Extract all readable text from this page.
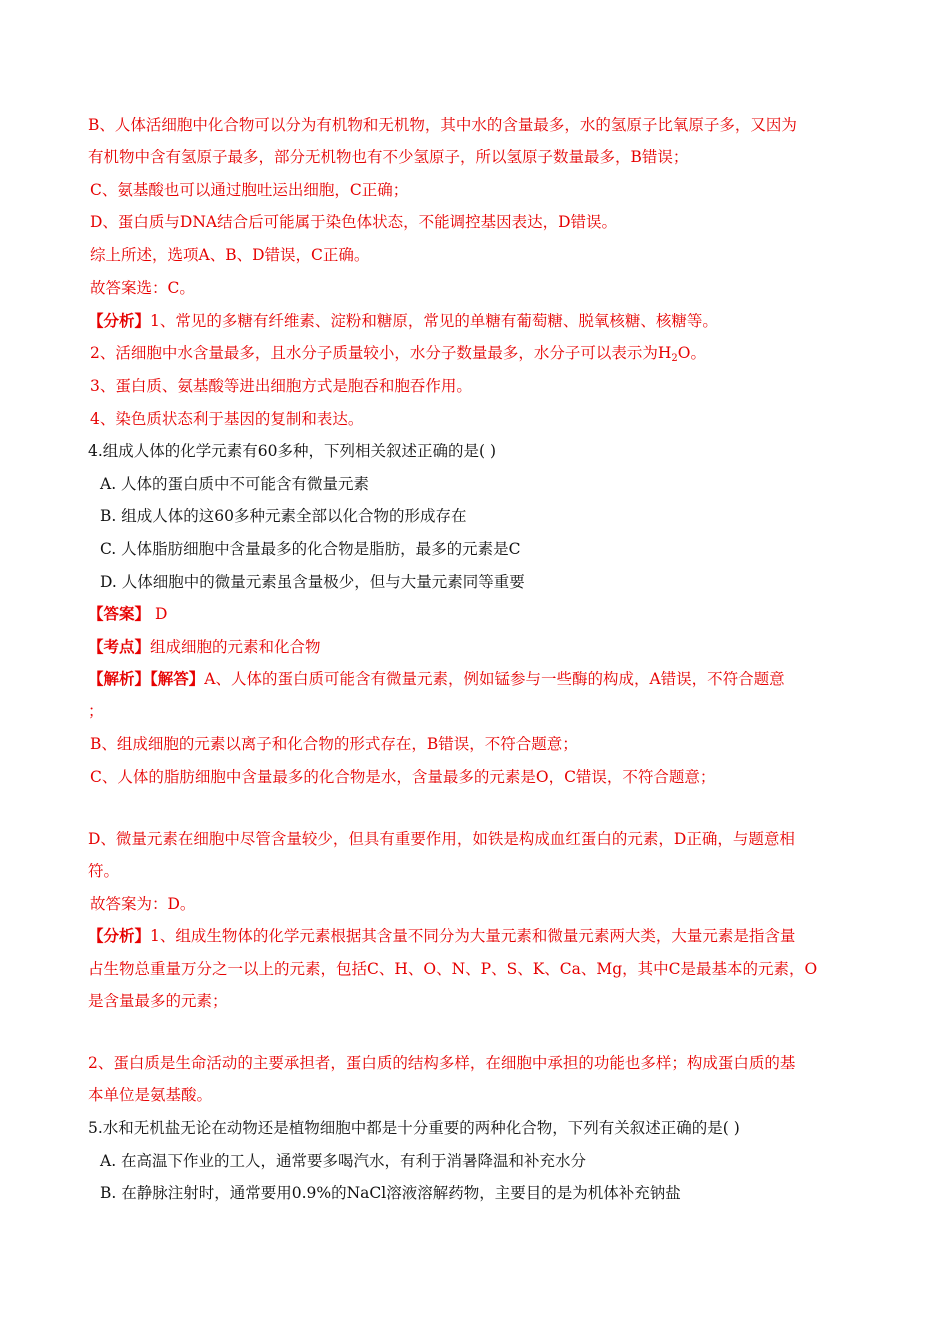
B、人体活细胞中化合物可以分为有机物和无机物，其中水的含量最多，水的氢原子比氧原子多，又因为
有机物中含有氢原子最多，部分无机物也有不少氢原子，所以氢原子数量最多，B错误；
C、氨基酸也可以通过胞吐运出细胞，C正确；
D、蛋白质与DNA结合后可能属于染色体状态，不能调控基因表达，D错误。
综上所述，选项A、B、D错误，C正确。
故答案选：C。
【分析】1、常见的多糖有纤维素、淀粉和糖原，常见的单糖有葡萄糖、脱氧核糖、核糖等。
2、活细胞中水含量最多，且水分子质量较小，水分子数量最多，水分子可以表示为$H_2O$。
3、蛋白质、氨基酸等进出细胞方式是胞吞和胞吞作用。
4、染色质状态利于基因的复制和表达。
4.组成人体的化学元素有60多种，下列相关叙述正确的是( )
A. 人体的蛋白质中不可能含有微量元素
B. 组成人体的这60多种元素全部以化合物的形成存在
C. 人体脂肪细胞中含量最多的化合物是脂肪，最多的元素是C
D. 人体细胞中的微量元素虽含量极少，但与大量元素同等重要
【答案】 D
【考点】组成细胞的元素和化合物
【解析】【解答】A、人体的蛋白质可能含有微量元素，例如锰参与一些酶的构成，A错误，不符合题意
；
B、组成细胞的元素以离子和化合物的形式存在，B错误，不符合题意；
C、人体的脂肪细胞中含量最多的化合物是水，含量最多的元素是O，C错误，不符合题意；
D、微量元素在细胞中尽管含量较少，但具有重要作用，如铁是构成血红蛋白的元素，D正确，与题意相
符。
故答案为：D。
【分析】1、组成生物体的化学元素根据其含量不同分为大量元素和微量元素两大类，大量元素是指含量
占生物总重量万分之一以上的元素，包括C、H、O、N、P、S、K、Ca、Mg，其中C是最基本的元素，O
是含量最多的元素；
2、蛋白质是生命活动的主要承担者，蛋白质的结构多样，在细胞中承担的功能也多样；构成蛋白质的基
本单位是氨基酸。
5.水和无机盐无论在动物还是植物细胞中都是十分重要的两种化合物，下列有关叙述正确的是( )
A. 在高温下作业的工人，通常要多喝汽水，有利于消暑降温和补充水分
B. 在静脉注射时，通常要用0.9%的NaCl溶液溶解药物，主要目的是为机体补充钠盐
